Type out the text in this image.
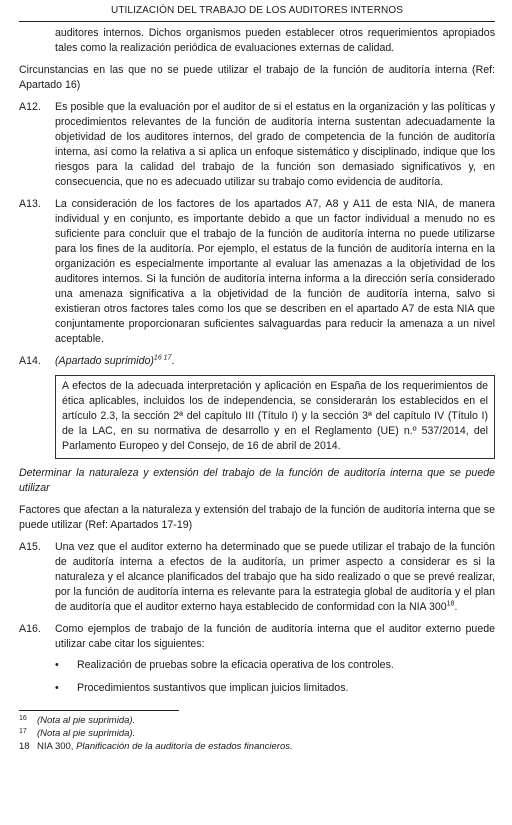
UTILIZACIÓN DEL TRABAJO DE LOS AUDITORES INTERNOS

auditores internos. Dichos organismos pueden establecer otros requerimientos apropiados tales como la realización periódica de evaluaciones externas de calidad.

Circunstancias en las que no se puede utilizar el trabajo de la función de auditoría interna (Ref: Apartado 16)

A12.	Es posible que la evaluación por el auditor de si el estatus en la organización y las políticas y procedimientos relevantes de la función de auditoría interna sustentan adecuadamente la objetividad de los auditores internos, del grado de competencia de la función de auditoría interna, así como la relativa a si aplica un enfoque sistemático y disciplinado, indique que los riesgos para la calidad del trabajo de la función son demasiado significativos y, en consecuencia, que no es adecuado utilizar su trabajo como evidencia de auditoría.
A13.	La consideración de los factores de los apartados A7, A8 y A11 de esta NIA, de manera individual y en conjunto, es importante debido a que un factor individual a menudo no es suficiente para concluir que el trabajo de la función de auditoría interna no puede utilizarse para los fines de la auditoría. Por ejemplo, el estatus de la función de auditoría interna en la organización es especialmente importante al evaluar las amenazas a la objetividad de los auditores internos. Si la función de auditoría interna informa a la dirección sería considerado una amenaza significativa a la objetividad de la función de auditoría interna, salvo si existieran otros factores tales como los que se describen en el apartado A7 de esta NIA que conjuntamente proporcionaran suficientes salvaguardas para reducir la amenaza a un nivel aceptable.
A14.	(Apartado suprimido)$^{16 17}$.
A efectos de la adecuada interpretación y aplicación en España de los requerimientos de ética aplicables, incluidos los de independencia, se considerarán los establecidos en el artículo 2.3, la sección 2ª del capítulo III (Título I) y la sección 3ª del capítulo IV (Título I) de la LAC, en su normativa de desarrollo y en el Reglamento (UE) n.º 537/2014, del Parlamento Europeo y del Consejo, de 16 de abril de 2014.

Determinar la naturaleza y extensión del trabajo de la función de auditoría interna que se puede utilizar

Factores que afectan a la naturaleza y extensión del trabajo de la función de auditoría interna que se puede utilizar (Ref: Apartados 17-19)

A15.	Una vez que el auditor externo ha determinado que se puede utilizar el trabajo de la función de auditoría interna a efectos de la auditoría, un primer aspecto a considerar es si la naturaleza y el alcance planificados del trabajo que ha sido realizado o que se prevé realizar, por la función de auditoría interna es relevante para la estrategia global de auditoría y el plan de auditoría que el auditor externo haya establecido de conformidad con la NIA $300^{18}$.
A16.	Como ejemplos de trabajo de la función de auditoría interna que el auditor externo puede utilizar cabe citar los siguientes:
•	Realización de pruebas sobre la eficacia operativa de los controles.
•	Procedimientos sustantivos que implican juicios limitados.
16	(Nota al pie suprimida).
17	(Nota al pie suprimida).
18 NIA 300, Planificación de la auditoría de estados financieros.
